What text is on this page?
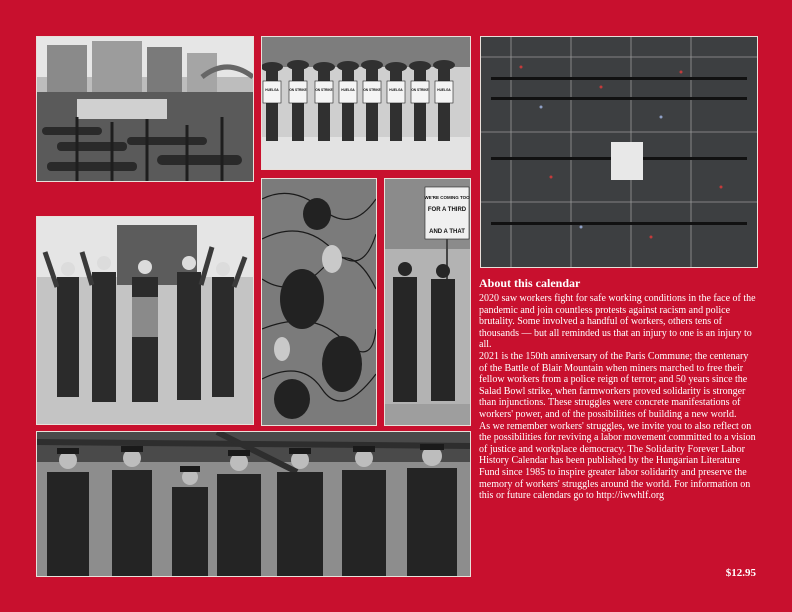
HUELGA	ON STRIKE	ON STRIKE	HUELGA	ON STRIKE	HUELGA	ON STRIKE	HUELGA
WE'RE COMING TOO
FOR A THIRD
AND A THAT
About this calendar

2020 saw workers fight for safe working conditions in the face of the pandemic and join countless protests against racism and police brutality. Some involved a handful of workers, others tens of thousands — but all reminded us that an injury to one is an injury to all.

2021 is the 150th anniversary of the Paris Commune; the centenary of the Battle of Blair Mountain when miners marched to free their fellow workers from a police reign of terror; and 50 years since the Salad Bowl strike, when farmworkers proved solidarity is stronger than injunctions. These struggles were concrete manifestations of workers' power, and of the possibilities of building a new world.

As we remember workers' struggles, we invite you to also reflect on the possibilities for reviving a labor movement committed to a vision of justice and workplace democracy. The Solidarity Forever Labor History Calendar has been published by the Hungarian Literature Fund since 1985 to inspire greater labor solidarity and preserve the memory of workers' struggles around the world. For information on this or future calendars go to http://iwwhlf.org

$12.95
